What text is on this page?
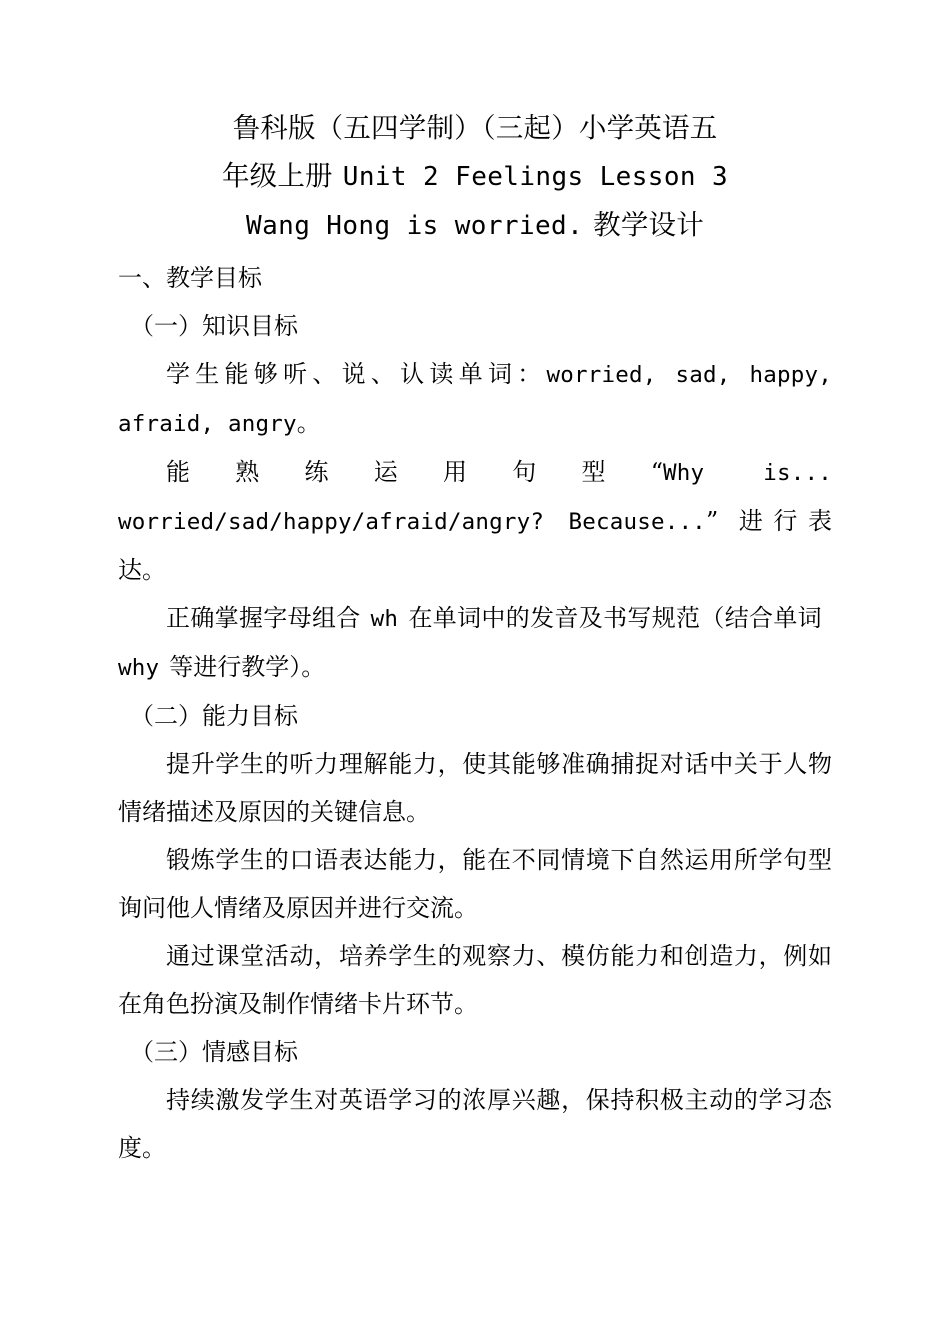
鲁科版（五四学制）（三起）小学英语五
年级上册 Unit 2 Feelings Lesson 3
Wang Hong is worried. 教学设计

一、教学目标

（一）知识目标

学生能够听、说、认读单词：worried, sad, happy, afraid, angry。

能熟练运用句型“Why is...
worried/sad/happy/afraid/angry? Because...” 进行表达。

正确掌握字母组合 wh 在单词中的发音及书写规范（结合单词why 等进行教学）。

（二）能力目标

提升学生的听力理解能力，使其能够准确捕捉对话中关于人物情绪描述及原因的关键信息。

锻炼学生的口语表达能力，能在不同情境下自然运用所学句型询问他人情绪及原因并进行交流。

通过课堂活动，培养学生的观察力、模仿能力和创造力，例如在角色扮演及制作情绪卡片环节。

（三）情感目标

持续激发学生对英语学习的浓厚兴趣，保持积极主动的学习态度。
